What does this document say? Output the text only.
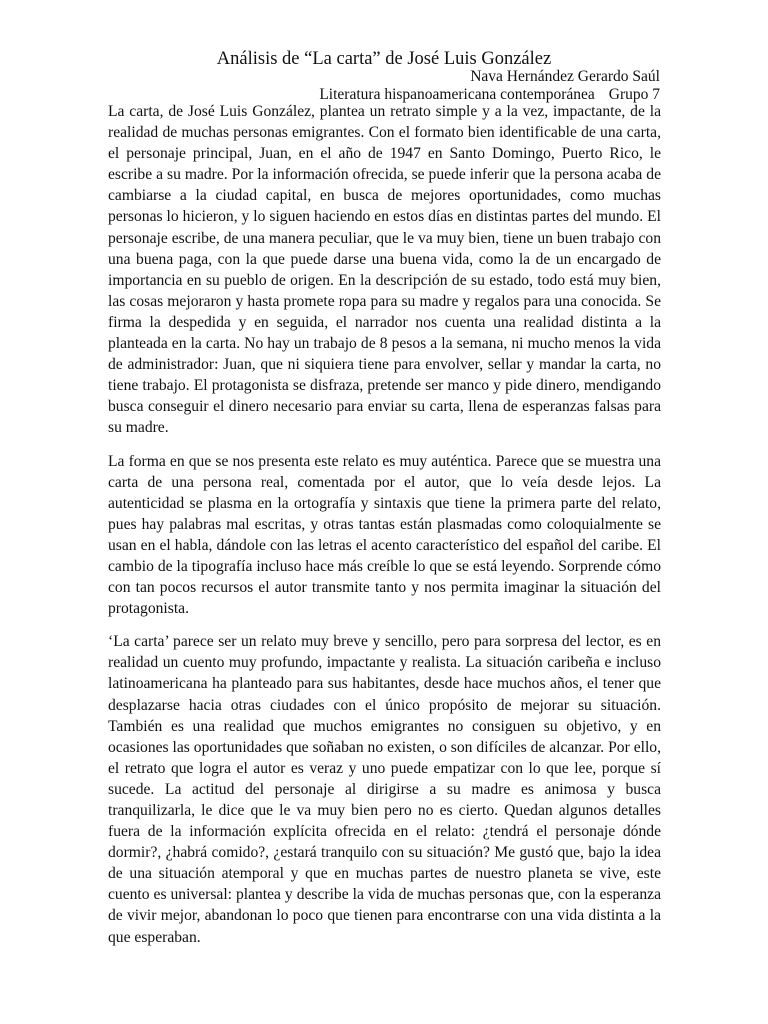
Análisis de “La carta” de José Luis González
Nava Hernández Gerardo Saúl
Literatura hispanoamericana contemporánea Grupo 7

La carta, de José Luis González, plantea un retrato simple y a la vez, impactante, de la realidad de muchas personas emigrantes. Con el formato bien identificable de una carta, el personaje principal, Juan, en el año de 1947 en Santo Domingo, Puerto Rico, le escribe a su madre. Por la información ofrecida, se puede inferir que la persona acaba de cambiarse a la ciudad capital, en busca de mejores oportunidades, como muchas personas lo hicieron, y lo siguen haciendo en estos días en distintas partes del mundo. El personaje escribe, de una manera peculiar, que le va muy bien, tiene un buen trabajo con una buena paga, con la que puede darse una buena vida, como la de un encargado de importancia en su pueblo de origen. En la descripción de su estado, todo está muy bien, las cosas mejoraron y hasta promete ropa para su madre y regalos para una conocida. Se firma la despedida y en seguida, el narrador nos cuenta una realidad distinta a la planteada en la carta. No hay un trabajo de 8 pesos a la semana, ni mucho menos la vida de administrador: Juan, que ni siquiera tiene para envolver, sellar y mandar la carta, no tiene trabajo. El protagonista se disfraza, pretende ser manco y pide dinero, mendigando busca conseguir el dinero necesario para enviar su carta, llena de esperanzas falsas para su madre.

La forma en que se nos presenta este relato es muy auténtica. Parece que se muestra una carta de una persona real, comentada por el autor, que lo veía desde lejos. La autenticidad se plasma en la ortografía y sintaxis que tiene la primera parte del relato, pues hay palabras mal escritas, y otras tantas están plasmadas como coloquialmente se usan en el habla, dándole con las letras el acento característico del español del caribe. El cambio de la tipografía incluso hace más creíble lo que se está leyendo. Sorprende cómo con tan pocos recursos el autor transmite tanto y nos permita imaginar la situación del protagonista.

‘La carta’ parece ser un relato muy breve y sencillo, pero para sorpresa del lector, es en realidad un cuento muy profundo, impactante y realista. La situación caribeña e incluso latinoamericana ha planteado para sus habitantes, desde hace muchos años, el tener que desplazarse hacia otras ciudades con el único propósito de mejorar su situación. También es una realidad que muchos emigrantes no consiguen su objetivo, y en ocasiones las oportunidades que soñaban no existen, o son difíciles de alcanzar. Por ello, el retrato que logra el autor es veraz y uno puede empatizar con lo que lee, porque sí sucede. La actitud del personaje al dirigirse a su madre es animosa y busca tranquilizarla, le dice que le va muy bien pero no es cierto. Quedan algunos detalles fuera de la información explícita ofrecida en el relato: ¿tendrá el personaje dónde dormir?, ¿habrá comido?, ¿estará tranquilo con su situación? Me gustó que, bajo la idea de una situación atemporal y que en muchas partes de nuestro planeta se vive, este cuento es universal: plantea y describe la vida de muchas personas que, con la esperanza de vivir mejor, abandonan lo poco que tienen para encontrarse con una vida distinta a la que esperaban.
